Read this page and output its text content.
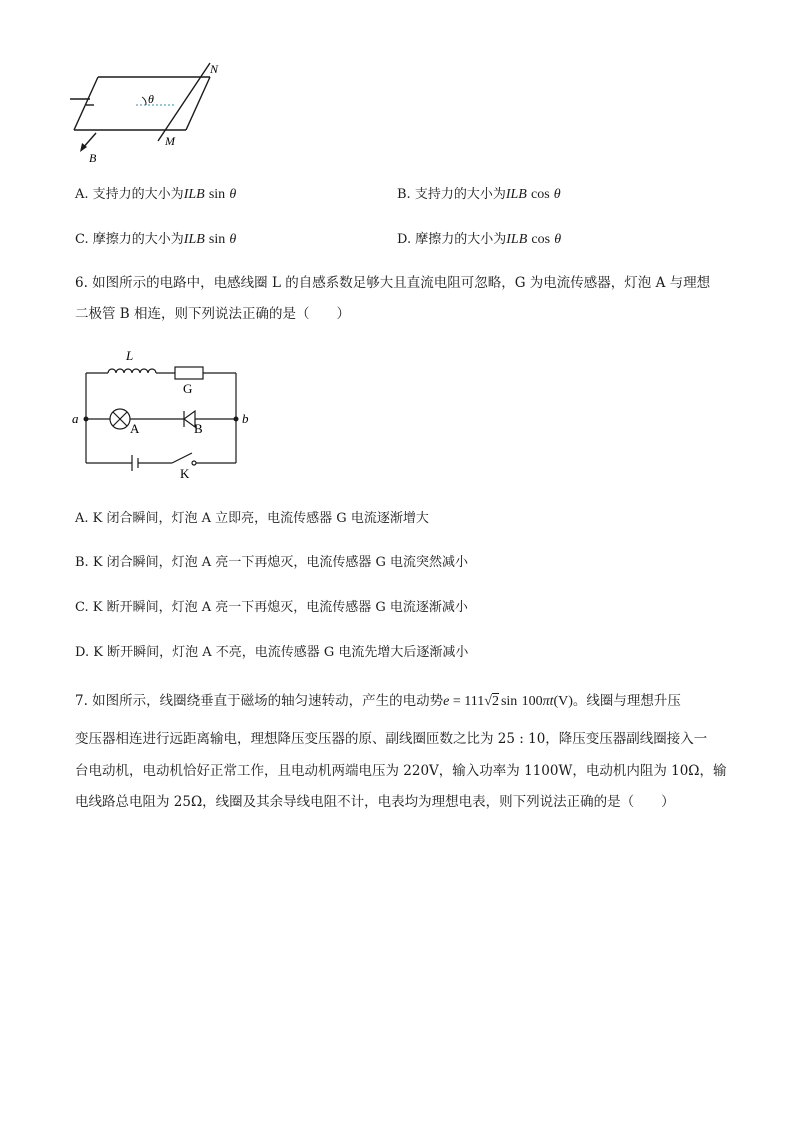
θ
N
M
B
A. 支持力的大小为ILB sin θ	B. 支持力的大小为ILB cos θ
C. 摩擦力的大小为ILB sin θ	D. 摩擦力的大小为ILB cos θ
6. 如图所示的电路中，电感线圈 L 的自感系数足够大且直流电阻可忽略，G 为电流传感器，灯泡 A 与理想
二极管 B 相连，则下列说法正确的是（　　）
L
G
a	b
A	B
K
A. K 闭合瞬间，灯泡 A 立即亮，电流传感器 G 电流逐渐增大
B. K 闭合瞬间，灯泡 A 亮一下再熄灭，电流传感器 G 电流突然减小
C. K 断开瞬间，灯泡 A 亮一下再熄灭，电流传感器 G 电流逐渐减小
D. K 断开瞬间，灯泡 A 不亮，电流传感器 G 电流先增大后逐渐减小
7. 如图所示，线圈绕垂直于磁场的轴匀速转动，产生的电动势e = 111√2 sin 100πt(V)。线圈与理想升压
变压器相连进行远距离输电，理想降压变压器的原、副线圈匝数之比为 25 : 10，降压变压器副线圈接入一
台电动机，电动机恰好正常工作，且电动机两端电压为 220V，输入功率为 1100W，电动机内阻为 10Ω，输
电线路总电阻为 25Ω，线圈及其余导线电阻不计，电表均为理想电表，则下列说法正确的是（　　）
